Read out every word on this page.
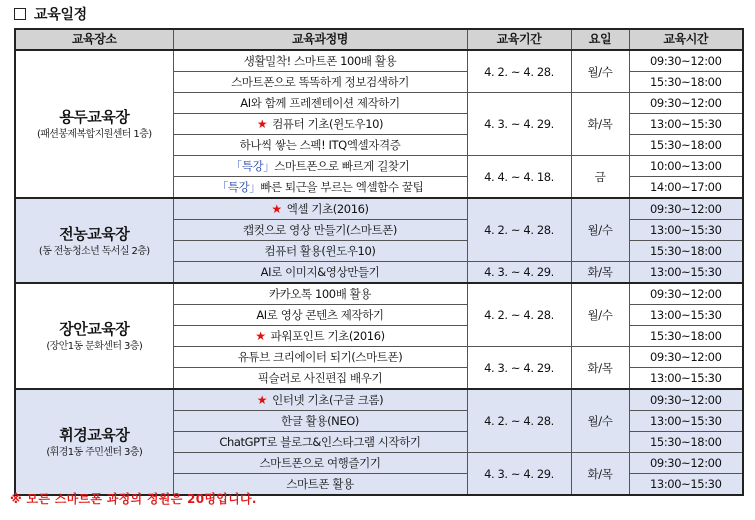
교육일정
교육장소	교육과정명	교육기간	요일	교육시간

용두교육장
(패션봉제복합지원센터 1층)	생활밀착! 스마트폰 100배 활용	4. 2. ~ 4. 28.	월/수	09:30~12:00
	스마트폰으로 똑똑하게 정보검색하기			15:30~18:00
	AI와 함께 프레젠테이션 제작하기	4. 3. ~ 4. 29.	화/목	09:30~12:00
	★ 컴퓨터 기초(윈도우10)			13:00~15:30
	하나씩 쌓는 스펙! ITQ엑셀자격증			15:30~18:00
	「특강」스마트폰으로 빠르게 길찾기	4. 4. ~ 4. 18.	금	10:00~13:00
	「특강」빠른 퇴근을 부르는 엑셀함수 꿀팁			14:00~17:00

전농교육장
(동 전농청소년 독서실 2층)	★ 엑셀 기초(2016)	4. 2. ~ 4. 28.	월/수	09:30~12:00
	캡컷으로 영상 만들기(스마트폰)			13:00~15:30
	컴퓨터 활용(윈도우10)			15:30~18:00
	AI로 이미지&영상만들기	4. 3. ~ 4. 29.	화/목	13:00~15:30

장안교육장
(장안1동 문화센터 3층)	카카오톡 100배 활용	4. 2. ~ 4. 28.	월/수	09:30~12:00
	AI로 영상 콘텐츠 제작하기			13:00~15:30
	★ 파워포인트 기초(2016)			15:30~18:00
	유튜브 크리에이터 되기(스마트폰)	4. 3. ~ 4. 29.	화/목	09:30~12:00
	픽슬러로 사진편집 배우기			13:00~15:30

휘경교육장
(휘경1동 주민센터 3층)	★ 인터넷 기초(구글 크롬)	4. 2. ~ 4. 28.	월/수	09:30~12:00
	한글 활용(NEO)			13:00~15:30
	ChatGPT로 블로그&인스타그램 시작하기			15:30~18:00
	스마트폰으로 여행즐기기	4. 3. ~ 4. 29.	화/목	09:30~12:00
	스마트폰 활용			13:00~15:30
※ 모든 스마트폰 과정의 정원은 20명입니다.
